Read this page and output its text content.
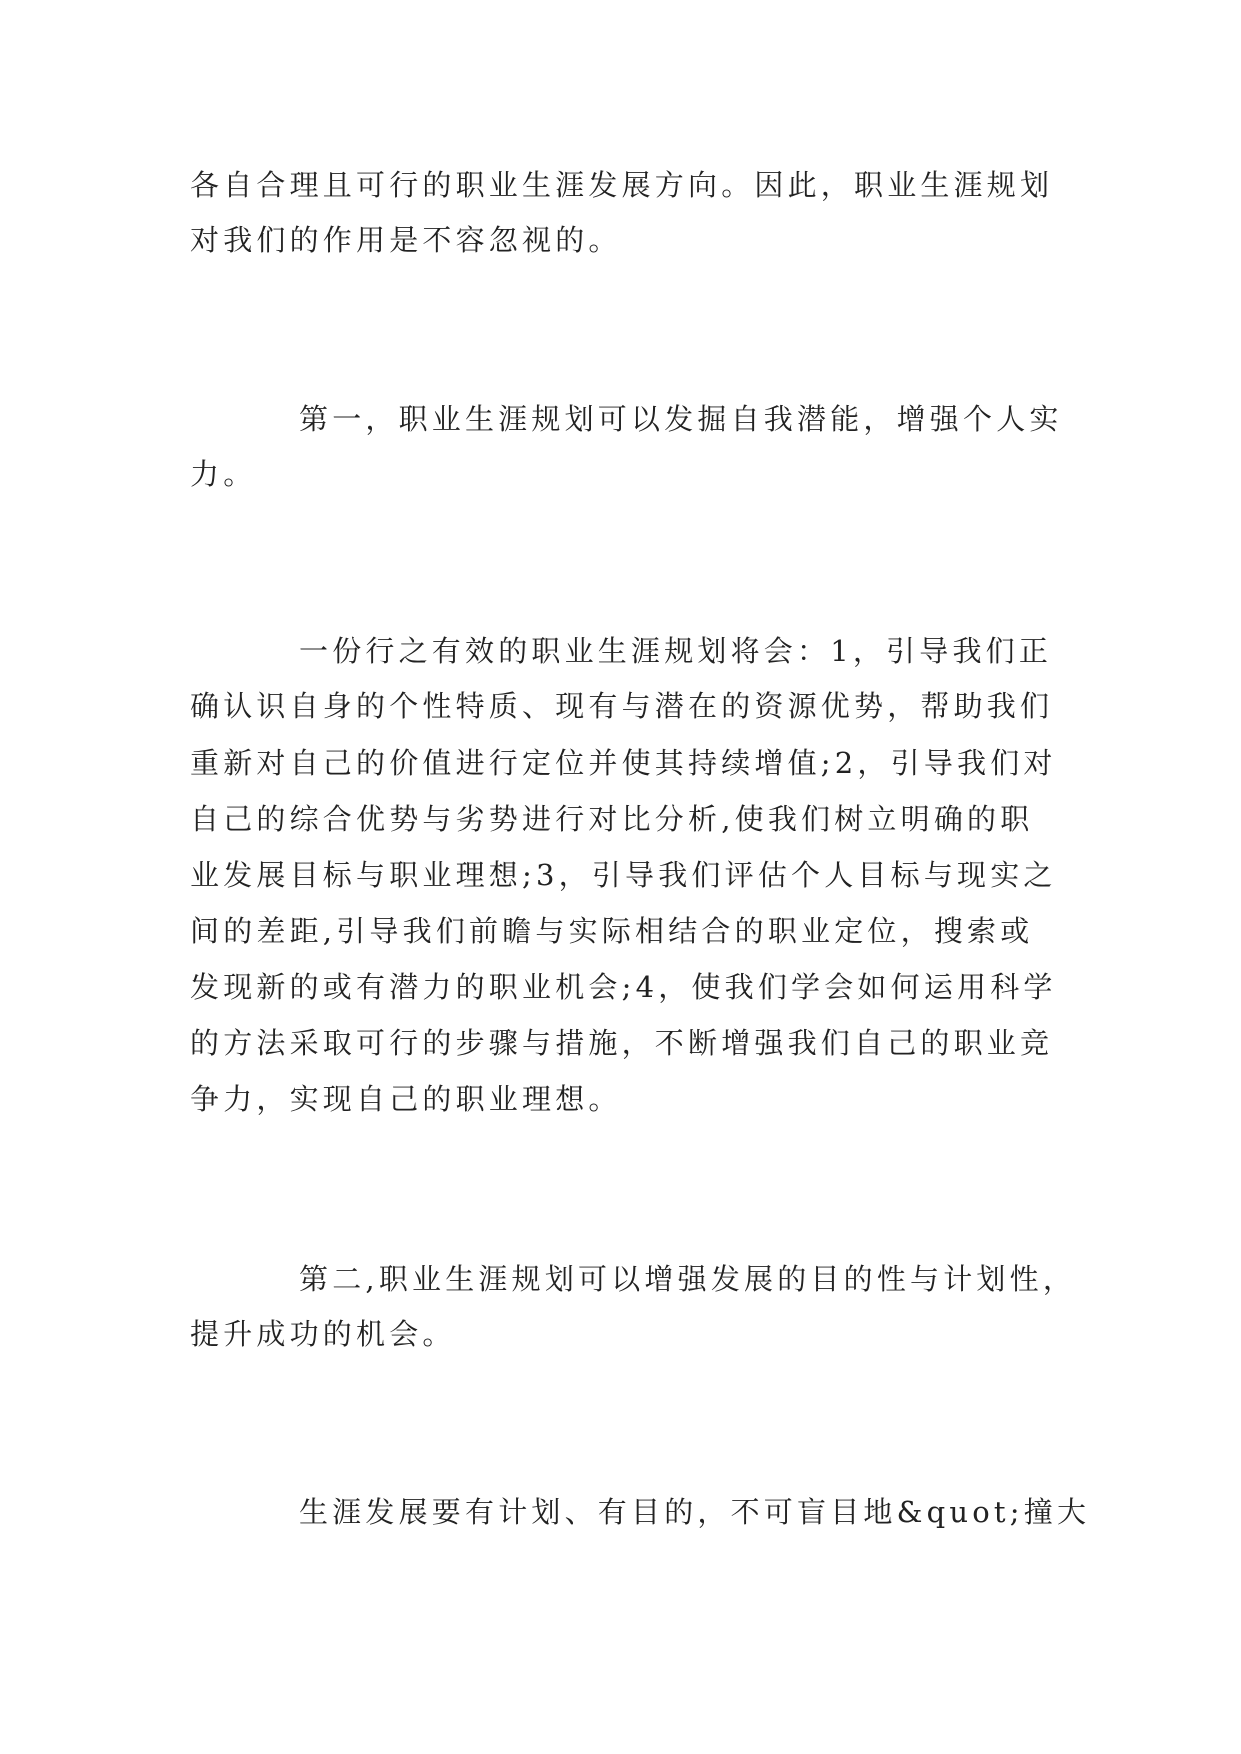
各自合理且可行的职业生涯发展方向。因此，职业生涯规划
对我们的作用是不容忽视的。
第一，职业生涯规划可以发掘自我潜能，增强个人实
力。
一份行之有效的职业生涯规划将会：1，引导我们正
确认识自身的个性特质、现有与潜在的资源优势，帮助我们
重新对自己的价值进行定位并使其持续增值;2，引导我们对
自己的综合优势与劣势进行对比分析,使我们树立明确的职
业发展目标与职业理想;3，引导我们评估个人目标与现实之
间的差距,引导我们前瞻与实际相结合的职业定位，搜索或
发现新的或有潜力的职业机会;4，使我们学会如何运用科学
的方法采取可行的步骤与措施，不断增强我们自己的职业竞
争力，实现自己的职业理想。
第二,职业生涯规划可以增强发展的目的性与计划性，
提升成功的机会。
生涯发展要有计划、有目的，不可盲目地&quot;撞大
